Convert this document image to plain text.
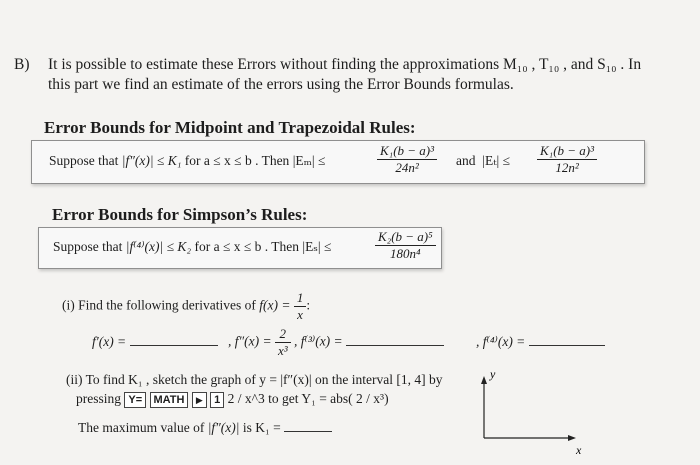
B) It is possible to estimate these Errors without finding the approximations M₁₀ , T₁₀ , and S₁₀ . In
this part we find an estimate of the errors using the Error Bounds formulas.
Error Bounds for Midpoint and Trapezoidal Rules:
Suppose that |f″(x)| ≤ K₁ for a ≤ x ≤ b . Then |Eₘ| ≤	$\frac{\text{K₁(b − a)³}}{\text{24n²}}$ and $|E_t| \le \frac{\text{K₁(b − a)³}}{\text{12n²}}$
Error Bounds for Simpson’s Rules:
Suppose that |f⁽⁴⁾(x)| ≤ K₂ for a ≤ x ≤ b . Then |Eₛ| ≤	$\frac{\text{K₂(b − a)⁵}}{\text{180n⁴}}$
(i) Find the following derivatives of $f(x) = \frac{1}{x}$ :
f′(x) =	, $f''(x) = \frac{2}{\text{x³}}$ , f⁽³⁾(x) =	, f⁽⁴⁾(x) =
(ii) To find K₁ , sketch the graph of y = |f″(x)| on the interval [1, 4] by
pressing Y= MATH ▶ 1 2 / x^3 to get Y₁ = abs( 2 / x³)
The maximum value of |f″(x)| is K₁ =
y
x
